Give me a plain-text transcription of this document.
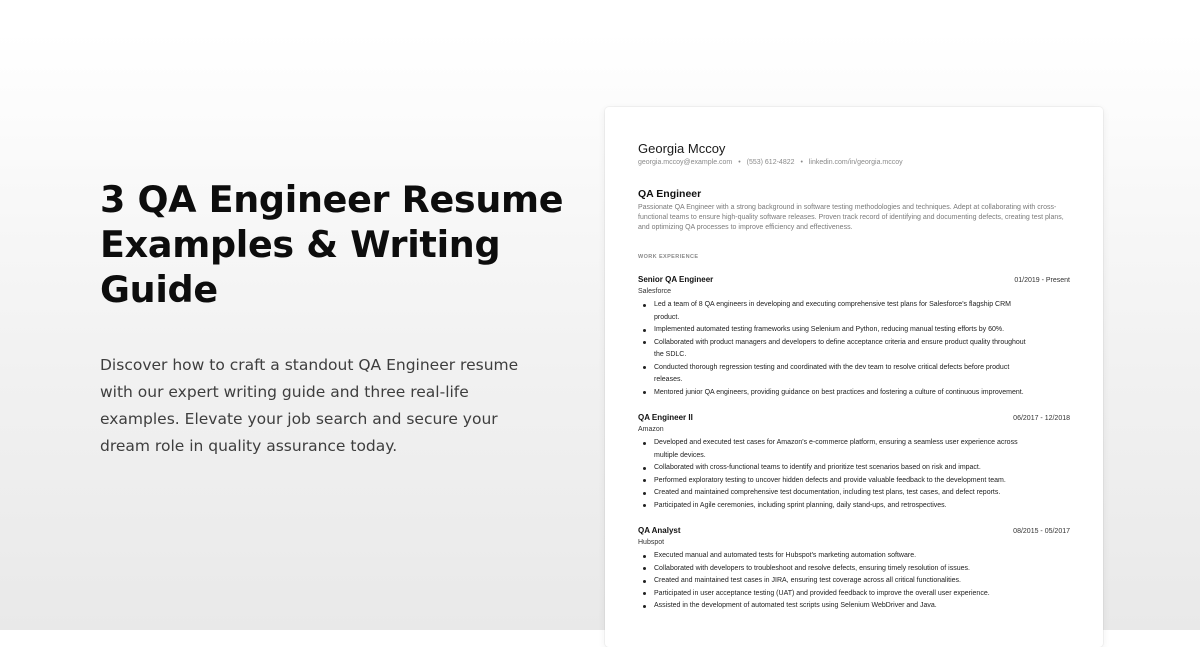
3 QA Engineer Resume Examples & Writing Guide

Discover how to craft a standout QA Engineer resume with our expert writing guide and three real-life examples. Elevate your job search and secure your dream role in quality assurance today.

Georgia Mccoy
georgia.mccoy@example.com • (553) 612-4822 • linkedin.com/in/georgia.mccoy
QA Engineer
Passionate QA Engineer with a strong background in software testing methodologies and techniques. Adept at collaborating with cross-functional teams to ensure high-quality software releases. Proven track record of identifying and documenting defects, creating test plans, and optimizing QA processes to improve efficiency and effectiveness.
WORK EXPERIENCE
Senior QA Engineer	01/2019 - Present
Salesforce
Led a team of 8 QA engineers in developing and executing comprehensive test plans for Salesforce's flagship CRM product.
Implemented automated testing frameworks using Selenium and Python, reducing manual testing efforts by 60%.
Collaborated with product managers and developers to define acceptance criteria and ensure product quality throughout the SDLC.
Conducted thorough regression testing and coordinated with the dev team to resolve critical defects before product releases.
Mentored junior QA engineers, providing guidance on best practices and fostering a culture of continuous improvement.
QA Engineer II	06/2017 - 12/2018
Amazon
Developed and executed test cases for Amazon's e-commerce platform, ensuring a seamless user experience across multiple devices.
Collaborated with cross-functional teams to identify and prioritize test scenarios based on risk and impact.
Performed exploratory testing to uncover hidden defects and provide valuable feedback to the development team.
Created and maintained comprehensive test documentation, including test plans, test cases, and defect reports.
Participated in Agile ceremonies, including sprint planning, daily stand-ups, and retrospectives.
QA Analyst	08/2015 - 05/2017
Hubspot
Executed manual and automated tests for Hubspot's marketing automation software.
Collaborated with developers to troubleshoot and resolve defects, ensuring timely resolution of issues.
Created and maintained test cases in JIRA, ensuring test coverage across all critical functionalities.
Participated in user acceptance testing (UAT) and provided feedback to improve the overall user experience.
Assisted in the development of automated test scripts using Selenium WebDriver and Java.
